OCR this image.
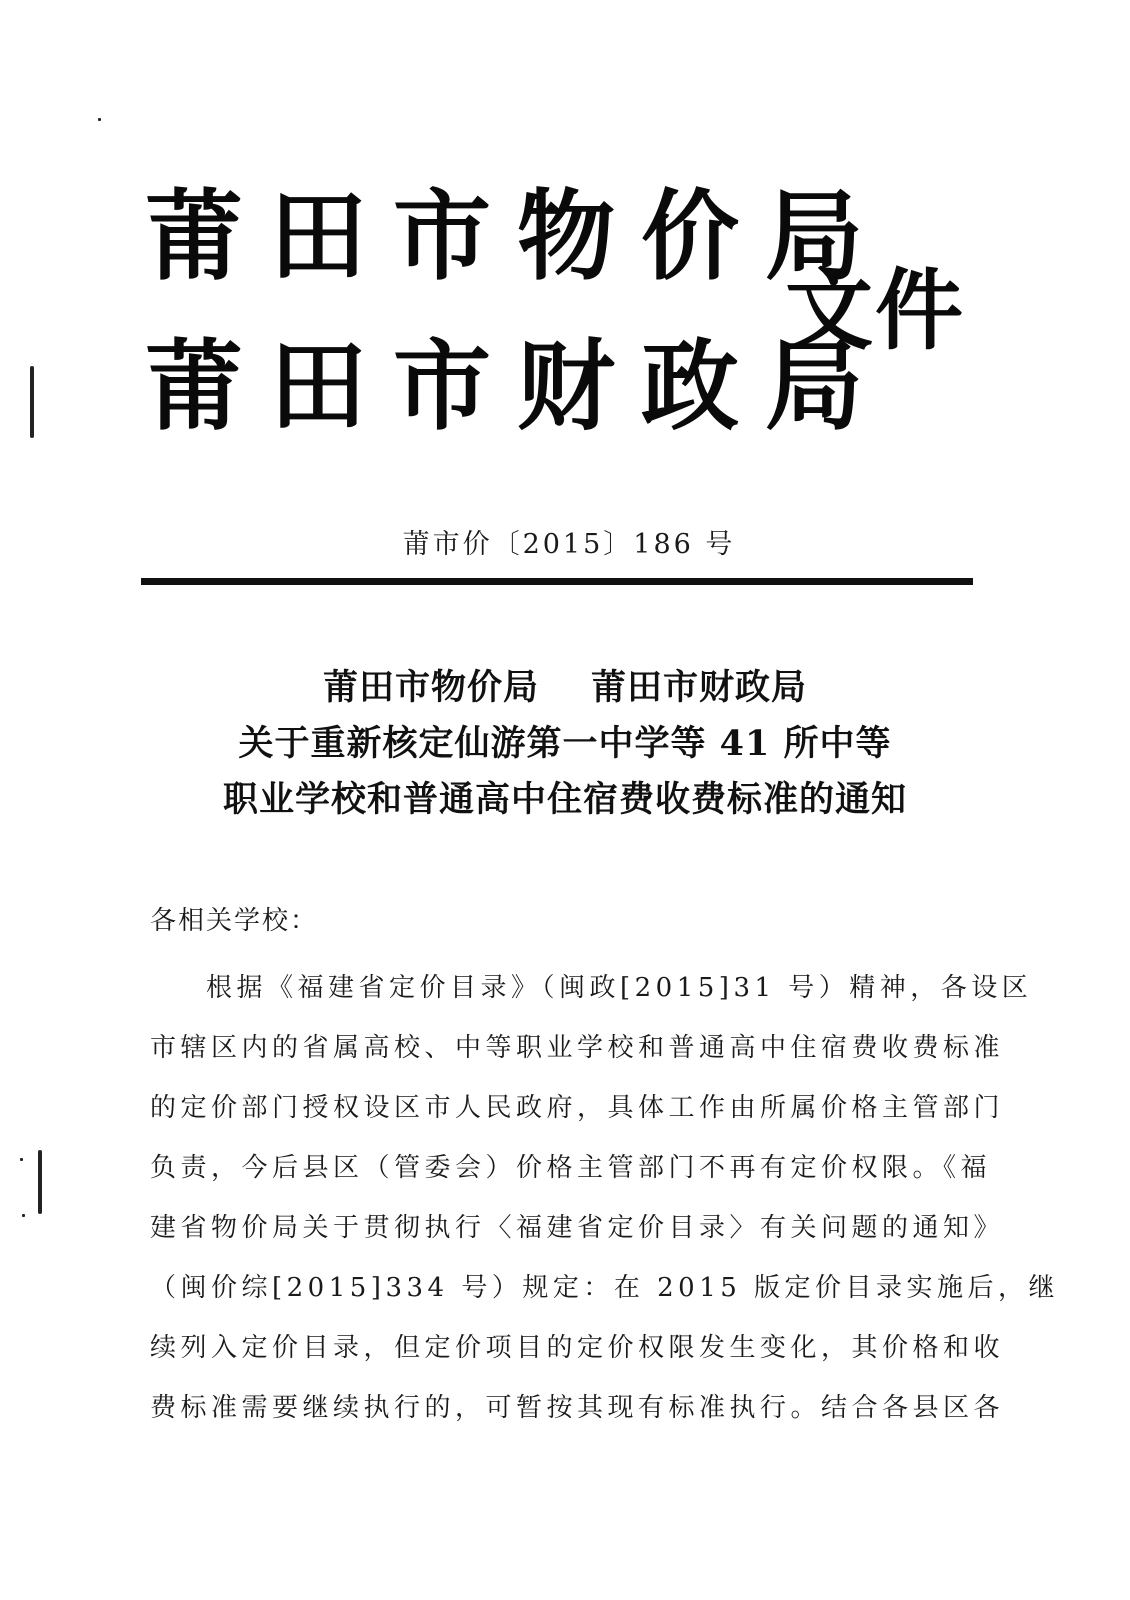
莆田市物价局
莆田市财政局
文件
莆市价〔2015〕186 号
莆田市物价局 莆田市财政局
关于重新核定仙游第一中学等 41 所中等
职业学校和普通高中住宿费收费标准的通知
各相关学校：
根据《福建省定价目录》（闽政[2015]31 号）精神，各设区
市辖区内的省属高校、中等职业学校和普通高中住宿费收费标准
的定价部门授权设区市人民政府，具体工作由所属价格主管部门
负责，今后县区（管委会）价格主管部门不再有定价权限。《福
建省物价局关于贯彻执行〈福建省定价目录〉有关问题的通知》
（闽价综[2015]334 号）规定：在 2015 版定价目录实施后，继
续列入定价目录，但定价项目的定价权限发生变化，其价格和收
费标准需要继续执行的，可暂按其现有标准执行。结合各县区各
